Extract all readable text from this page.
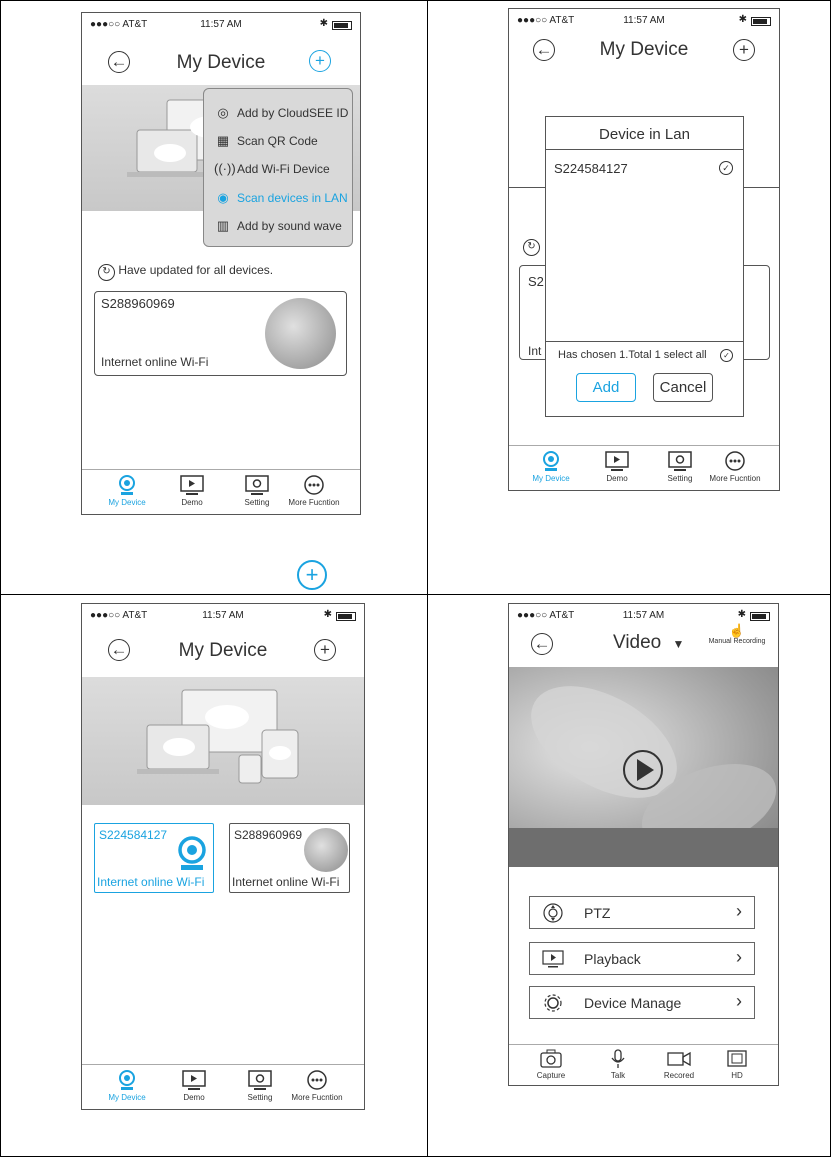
●●●○○ AT&T	11:57 AM	✱
←	My Device	+
◎ Add by CloudSEE ID
▦ Scan QR Code
((·))Add Wi-Fi Device
◉ Scan devices in LAN
▥ Add by sound wave
↻ Have updated for all devices.
S288960969
Internet online Wi-Fi
My Device	Demo	Setting	More Fucntion
+
●●●○○ AT&T	11:57 AM	✱
←	My Device	+
↻
S2
Int
Device in Lan
S224584127	✓
Has chosen 1.Total 1 select all	✓
Add	Cancel
My Device	Demo	Setting	More Fucntion
●●●○○ AT&T	11:57 AM	✱
←	My Device	+
S224584127
Internet online Wi-Fi
S288960969
Internet online Wi-Fi
My Device	Demo	Setting	More Fucntion
●●●○○ AT&T	11:57 AM	✱
←	Video ▼
☝
Manual Recording
PTZ	›
Playback	›
Device Manage	›
Capture	Talk	Recored	HD
